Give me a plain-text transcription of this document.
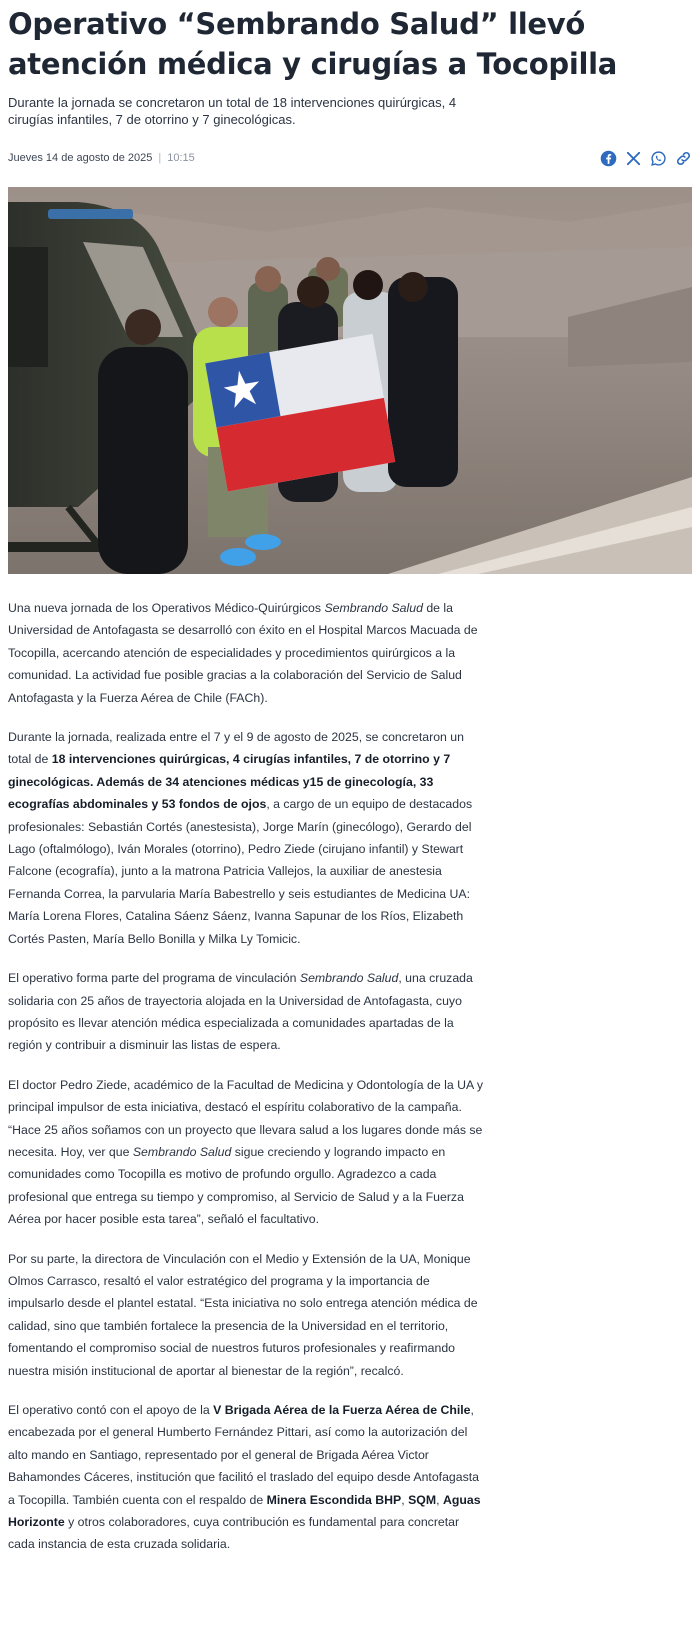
Operativo “Sembrando Salud” llevó atención médica y cirugías a Tocopilla

Durante la jornada se concretaron un total de 18 intervenciones quirúrgicas, 4 cirugías infantiles, 7 de otorrino y 7 ginecológicas.

Jueves 14 de agosto de 2025 | 10:15

Una nueva jornada de los Operativos Médico-Quirúrgicos Sembrando Salud de la Universidad de Antofagasta se desarrolló con éxito en el Hospital Marcos Macuada de Tocopilla, acercando atención de especialidades y procedimientos quirúrgicos a la comunidad. La actividad fue posible gracias a la colaboración del Servicio de Salud Antofagasta y la Fuerza Aérea de Chile (FACh).

Durante la jornada, realizada entre el 7 y el 9 de agosto de 2025, se concretaron un total de 18 intervenciones quirúrgicas, 4 cirugías infantiles, 7 de otorrino y 7 ginecológicas. Además de 34 atenciones médicas y15 de ginecología, 33 ecografías abdominales y 53 fondos de ojos, a cargo de un equipo de destacados profesionales: Sebastián Cortés (anestesista), Jorge Marín (ginecólogo), Gerardo del Lago (oftalmólogo), Iván Morales (otorrino), Pedro Ziede (cirujano infantil) y Stewart Falcone (ecografía), junto a la matrona Patricia Vallejos, la auxiliar de anestesia Fernanda Correa, la parvularia María Babestrello y seis estudiantes de Medicina UA: María Lorena Flores, Catalina Sáenz Sáenz, Ivanna Sapunar de los Ríos, Elizabeth Cortés Pasten, María Bello Bonilla y Milka Ly Tomicic.

El operativo forma parte del programa de vinculación Sembrando Salud, una cruzada solidaria con 25 años de trayectoria alojada en la Universidad de Antofagasta, cuyo propósito es llevar atención médica especializada a comunidades apartadas de la región y contribuir a disminuir las listas de espera.

El doctor Pedro Ziede, académico de la Facultad de Medicina y Odontología de la UA y principal impulsor de esta iniciativa, destacó el espíritu colaborativo de la campaña. “Hace 25 años soñamos con un proyecto que llevara salud a los lugares donde más se necesita. Hoy, ver que Sembrando Salud sigue creciendo y logrando impacto en comunidades como Tocopilla es motivo de profundo orgullo. Agradezco a cada profesional que entrega su tiempo y compromiso, al Servicio de Salud y a la Fuerza Aérea por hacer posible esta tarea”, señaló el facultativo.

Por su parte, la directora de Vinculación con el Medio y Extensión de la UA, Monique Olmos Carrasco, resaltó el valor estratégico del programa y la importancia de impulsarlo desde el plantel estatal. “Esta iniciativa no solo entrega atención médica de calidad, sino que también fortalece la presencia de la Universidad en el territorio, fomentando el compromiso social de nuestros futuros profesionales y reafirmando nuestra misión institucional de aportar al bienestar de la región”, recalcó.

El operativo contó con el apoyo de la V Brigada Aérea de la Fuerza Aérea de Chile, encabezada por el general Humberto Fernández Pittari, así como la autorización del alto mando en Santiago, representado por el general de Brigada Aérea Victor Bahamondes Cáceres, institución que facilitó el traslado del equipo desde Antofagasta a Tocopilla. También cuenta con el respaldo de Minera Escondida BHP, SQM, Aguas Horizonte y otros colaboradores, cuya contribución es fundamental para concretar cada instancia de esta cruzada solidaria.
